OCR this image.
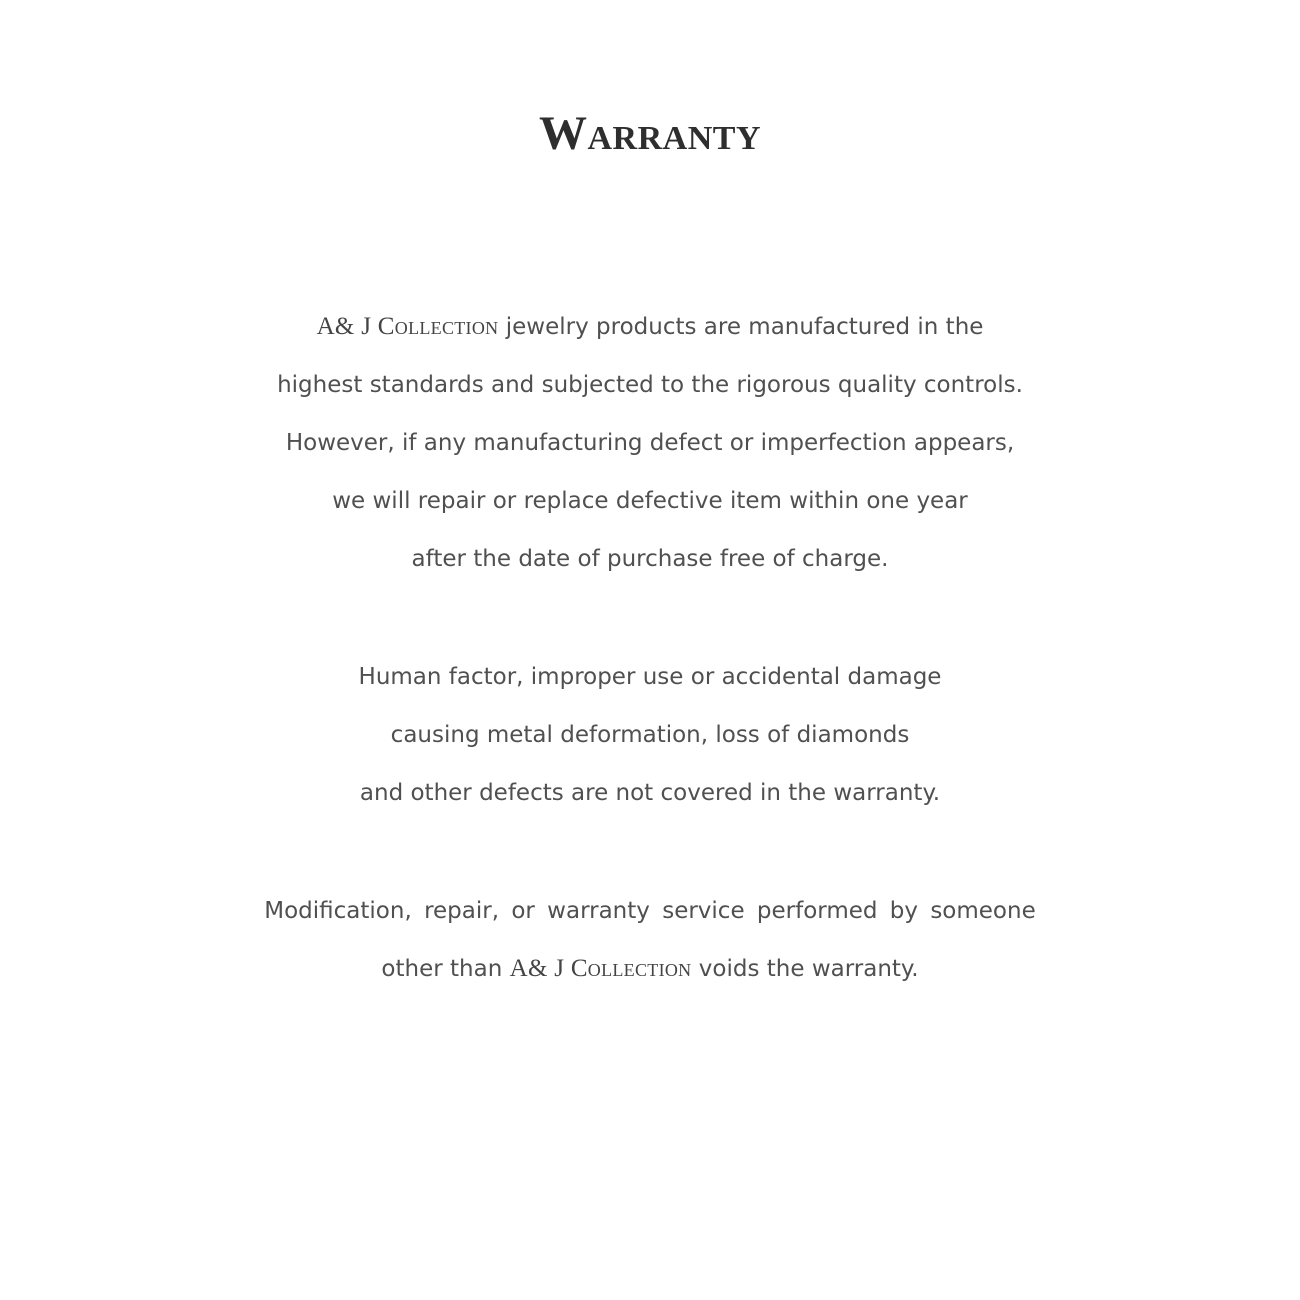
Warranty

A& J Collection jewelry products are manufactured in the
highest standards and subjected to the rigorous quality controls.
However, if any manufacturing defect or imperfection appears,
we will repair or replace defective item within one year
after the date of purchase free of charge.

Human factor, improper use or accidental damage
causing metal deformation, loss of diamonds
and other defects are not covered in the warranty.

Modification, repair, or warranty service performed by someone
other than A& J Collection voids the warranty.
